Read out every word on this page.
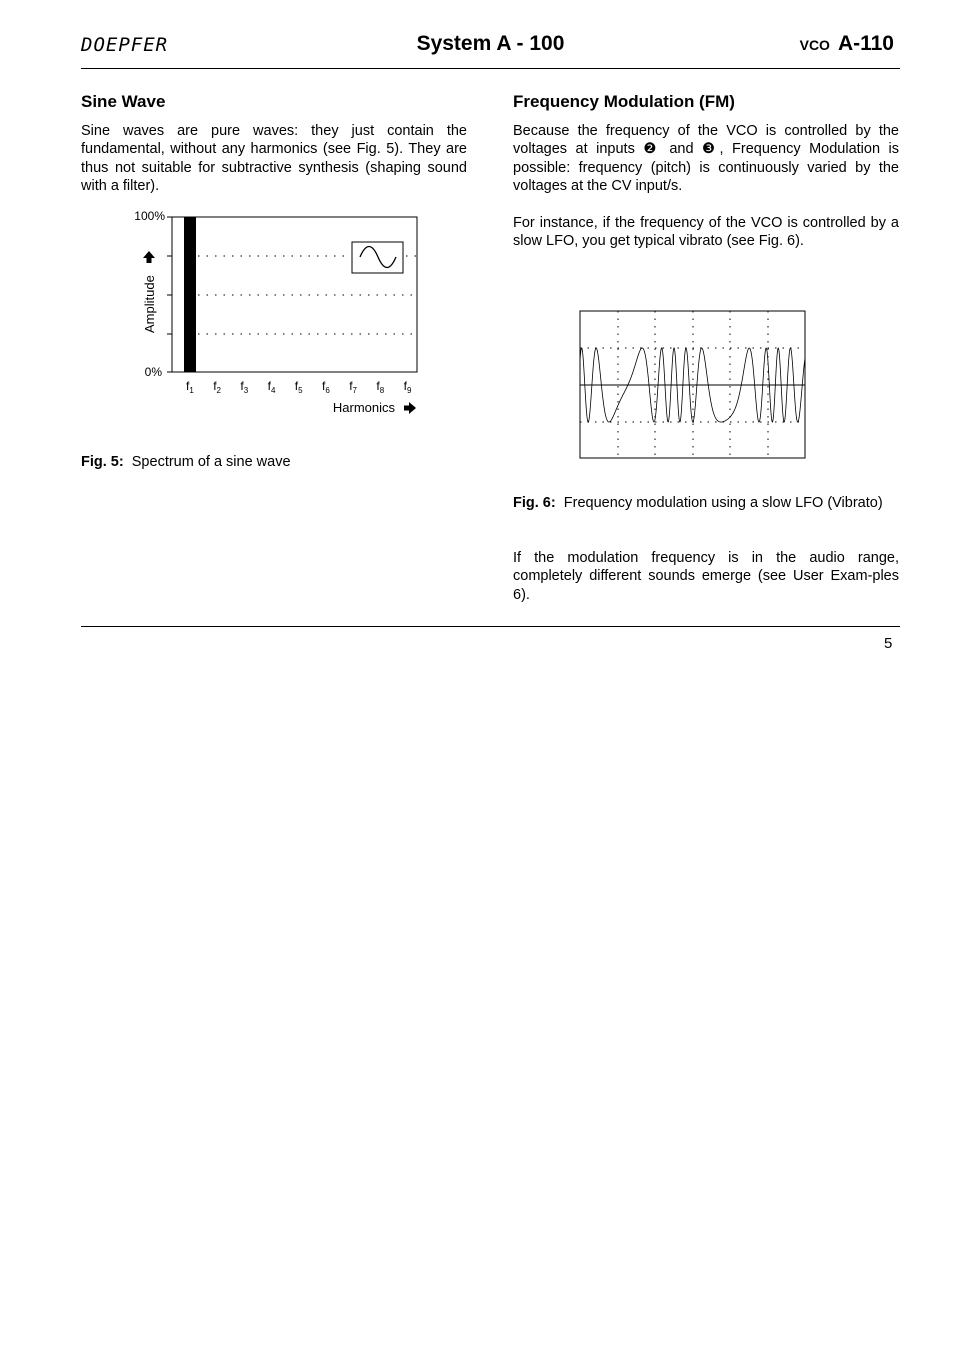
DOEPFER	System A - 100	VCO A-110
Sine Wave
Sine waves are pure waves: they just contain the fundamental, without any harmonics (see Fig. 5). They are thus not suitable for subtractive synthesis (shaping sound with a filter).
100%
0%
Amplitude
$f_1$ $f_2$ $f_3$ $f_4$ $f_5$ $f_6$ $f_7$ $f_8$ $f_9$
Harmonics
Fig. 5: Spectrum of a sine wave
Frequency Modulation (FM)
Because the frequency of the VCO is controlled by the voltages at inputs ❷ and ❸, Frequency Modulation is possible: frequency (pitch) is continuously varied by the voltages at the CV input/s.
For instance, if the frequency of the VCO is controlled by a slow LFO, you get typical vibrato (see Fig. 6).
Fig. 6: Frequency modulation using a slow LFO (Vibrato)
If the modulation frequency is in the audio range, completely different sounds emerge (see User Exam-ples 6).
5
